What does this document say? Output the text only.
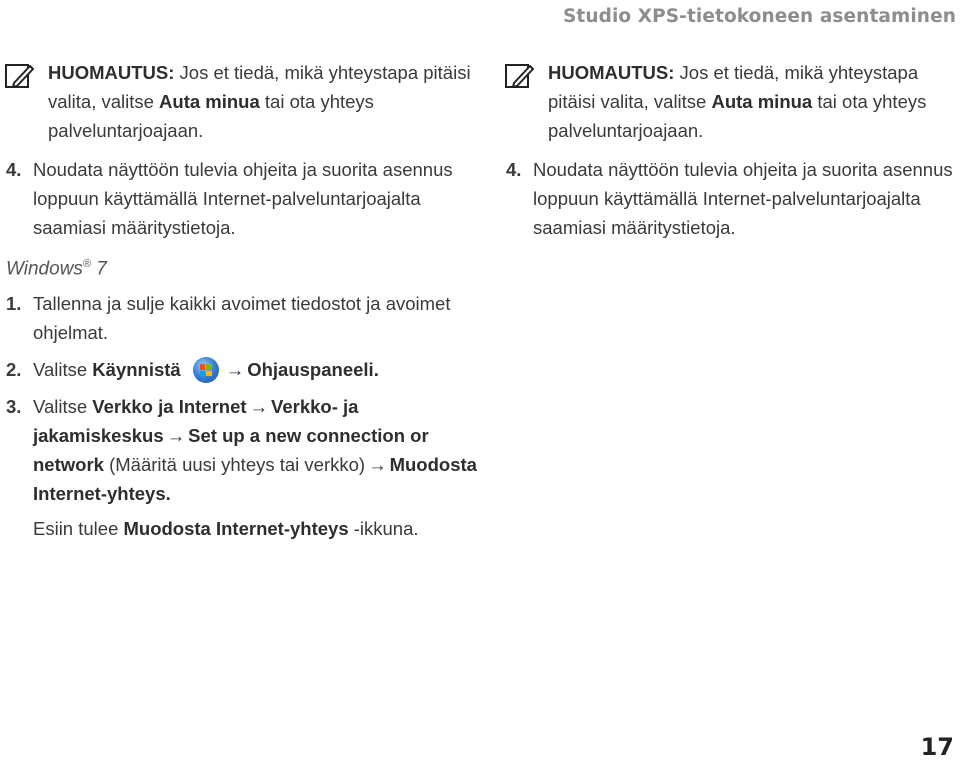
Studio XPS-tietokoneen asentaminen
HUOMAUTUS: Jos et tiedä, mikä yhteystapa pitäisi valita, valitse Auta minua tai ota yhteys palveluntarjoajaan.
4. Noudata näyttöön tulevia ohjeita ja suorita asennus loppuun käyttämällä Internet-palveluntarjoajalta saamiasi määritystietoja.
Windows® 7
1. Tallenna ja sulje kaikki avoimet tiedostot ja avoimet ohjelmat.
2. Valitse Käynnistä → Ohjauspaneeli.
3. Valitse Verkko ja Internet → Verkko- ja jakamiskeskus → Set up a new connection or network (Määritä uusi yhteys tai verkko) → Muodosta Internet-yhteys.
Esiin tulee Muodosta Internet-yhteys -ikkuna.
HUOMAUTUS: Jos et tiedä, mikä yhteystapa pitäisi valita, valitse Auta minua tai ota yhteys palveluntarjoajaan.
4. Noudata näyttöön tulevia ohjeita ja suorita asennus loppuun käyttämällä Internet-palveluntarjoajalta saamiasi määritystietoja.
17
